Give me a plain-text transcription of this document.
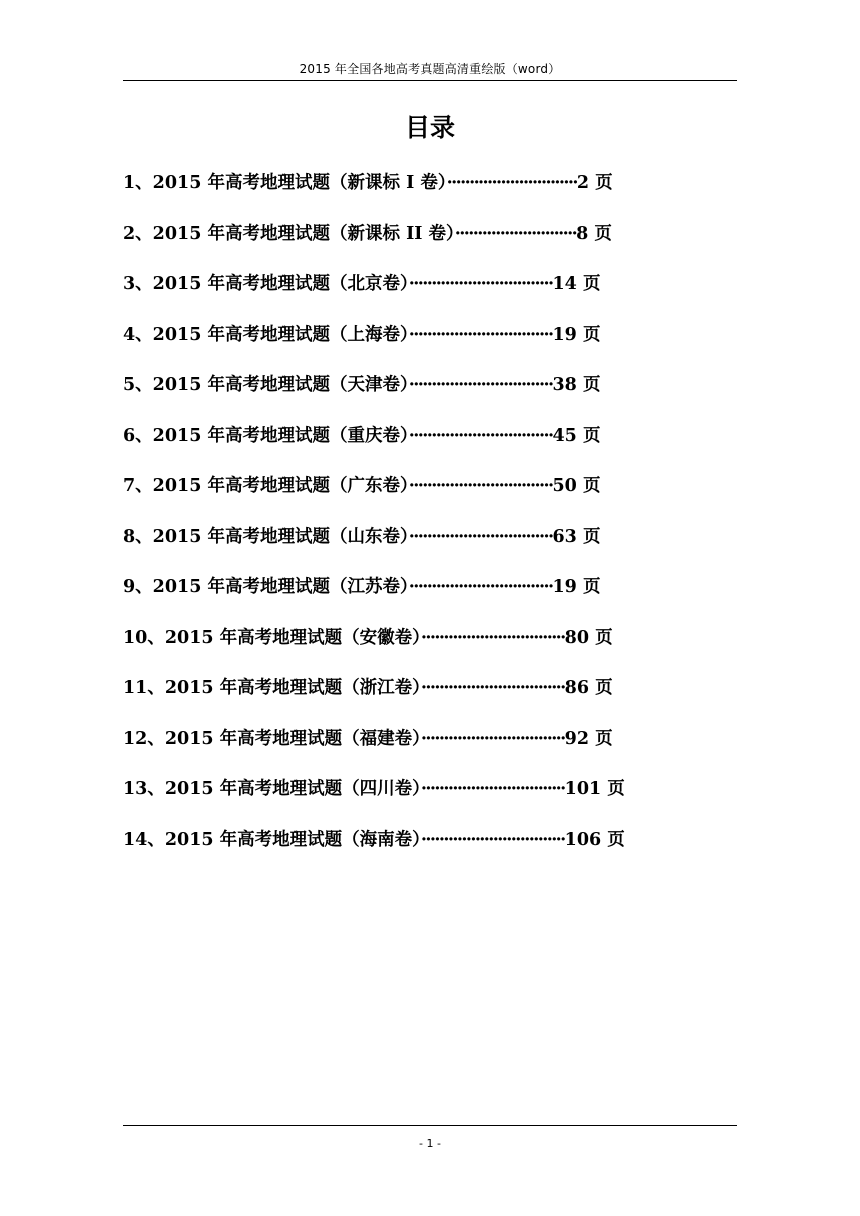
2015 年全国各地高考真题高清重绘版（word）
目录
1、2015 年高考地理试题（新课标 I 卷）·····························2 页
2、2015 年高考地理试题（新课标 II 卷）···························8 页
3、2015 年高考地理试题（北京卷）································14 页
4、2015 年高考地理试题（上海卷）································19 页
5、2015 年高考地理试题（天津卷）································38 页
6、2015 年高考地理试题（重庆卷）································45 页
7、2015 年高考地理试题（广东卷）································50 页
8、2015 年高考地理试题（山东卷）································63 页
9、2015 年高考地理试题（江苏卷）································19 页
10、2015 年高考地理试题（安徽卷）································80 页
11、2015 年高考地理试题（浙江卷）································86 页
12、2015 年高考地理试题（福建卷）································92 页
13、2015 年高考地理试题（四川卷）································101 页
14、2015 年高考地理试题（海南卷）································106 页
- 1 -
